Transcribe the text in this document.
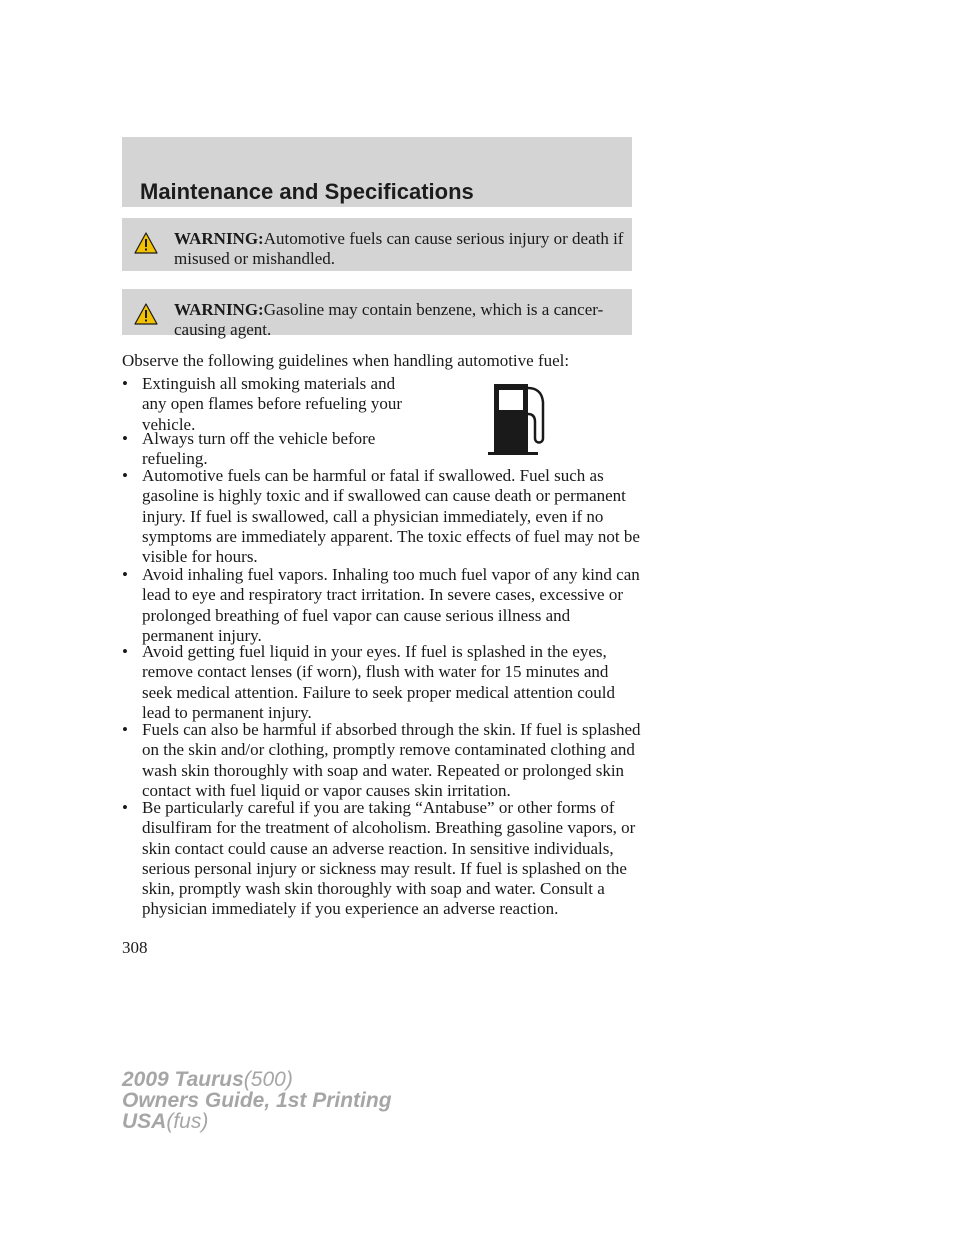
Maintenance and Specifications
WARNING:Automotive fuels can cause serious injury or death if misused or mishandled.
WARNING:Gasoline may contain benzene, which is a cancer-causing agent.

Observe the following guidelines when handling automotive fuel:

• Extinguish all smoking materials and any open flames before refueling your vehicle.
• Always turn off the vehicle before refueling.
• Automotive fuels can be harmful or fatal if swallowed. Fuel such as gasoline is highly toxic and if swallowed can cause death or permanent injury. If fuel is swallowed, call a physician immediately, even if no symptoms are immediately apparent. The toxic effects of fuel may not be visible for hours.
• Avoid inhaling fuel vapors. Inhaling too much fuel vapor of any kind can lead to eye and respiratory tract irritation. In severe cases, excessive or prolonged breathing of fuel vapor can cause serious illness and permanent injury.
• Avoid getting fuel liquid in your eyes. If fuel is splashed in the eyes, remove contact lenses (if worn), flush with water for 15 minutes and seek medical attention. Failure to seek proper medical attention could lead to permanent injury.
• Fuels can also be harmful if absorbed through the skin. If fuel is splashed on the skin and/or clothing, promptly remove contaminated clothing and wash skin thoroughly with soap and water. Repeated or prolonged skin contact with fuel liquid or vapor causes skin irritation.
• Be particularly careful if you are taking “Antabuse” or other forms of disulfiram for the treatment of alcoholism. Breathing gasoline vapors, or skin contact could cause an adverse reaction. In sensitive individuals, serious personal injury or sickness may result. If fuel is splashed on the skin, promptly wash skin thoroughly with soap and water. Consult a physician immediately if you experience an adverse reaction.
308
2009 Taurus(500)
Owners Guide, 1st Printing
USA(fus)
